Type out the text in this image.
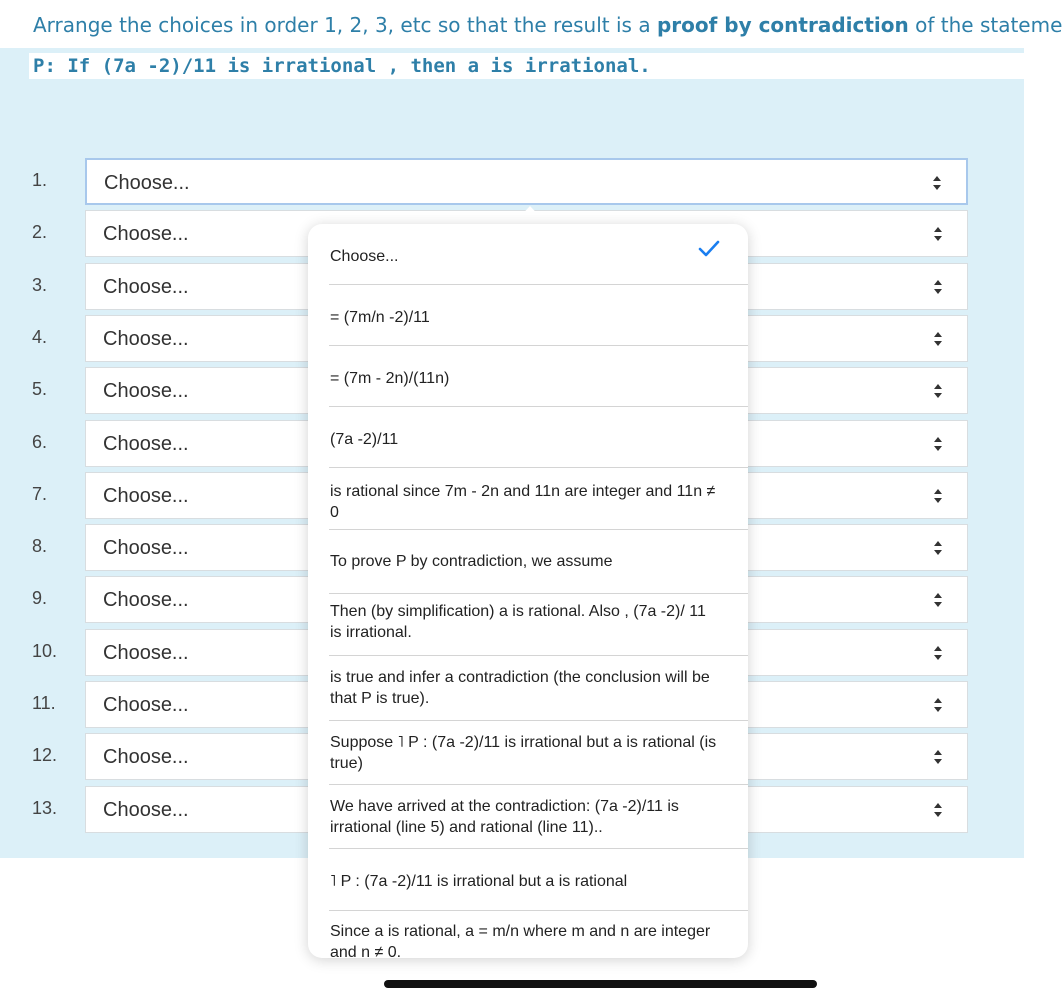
Arrange the choices in order 1, 2, 3, etc so that the result is a proof by contradiction of the stateme
P: If (7a -2)/11 is irrational , then a is irrational.
1.	Choose...
2.	Choose...
3.	Choose...
4.	Choose...
5.	Choose...
6.	Choose...
7.	Choose...
8.	Choose...
9.	Choose...
10. Choose...
11. Choose...
12. Choose...
13. Choose...
Choose...
= (7m/n -2)/11
= (7m - 2n)/(11n)
(7a -2)/11
is rational since 7m - 2n and 11n are integer and 11n ≠ 0
To prove P by contradiction, we assume
Then (by simplification) a is rational. Also , (7a -2)/ 11 is irrational.
is true and infer a contradiction (the conclusion will be that P is true).
Suppose ˥ P : (7a -2)/11 is irrational but a is rational (is true)
We have arrived at the contradiction: (7a -2)/11 is irrational (line 5) and rational (line 11)..
˥ P : (7a -2)/11 is irrational but a is rational
Since a is rational, a = m/n where m and n are integer and n ≠ 0.
